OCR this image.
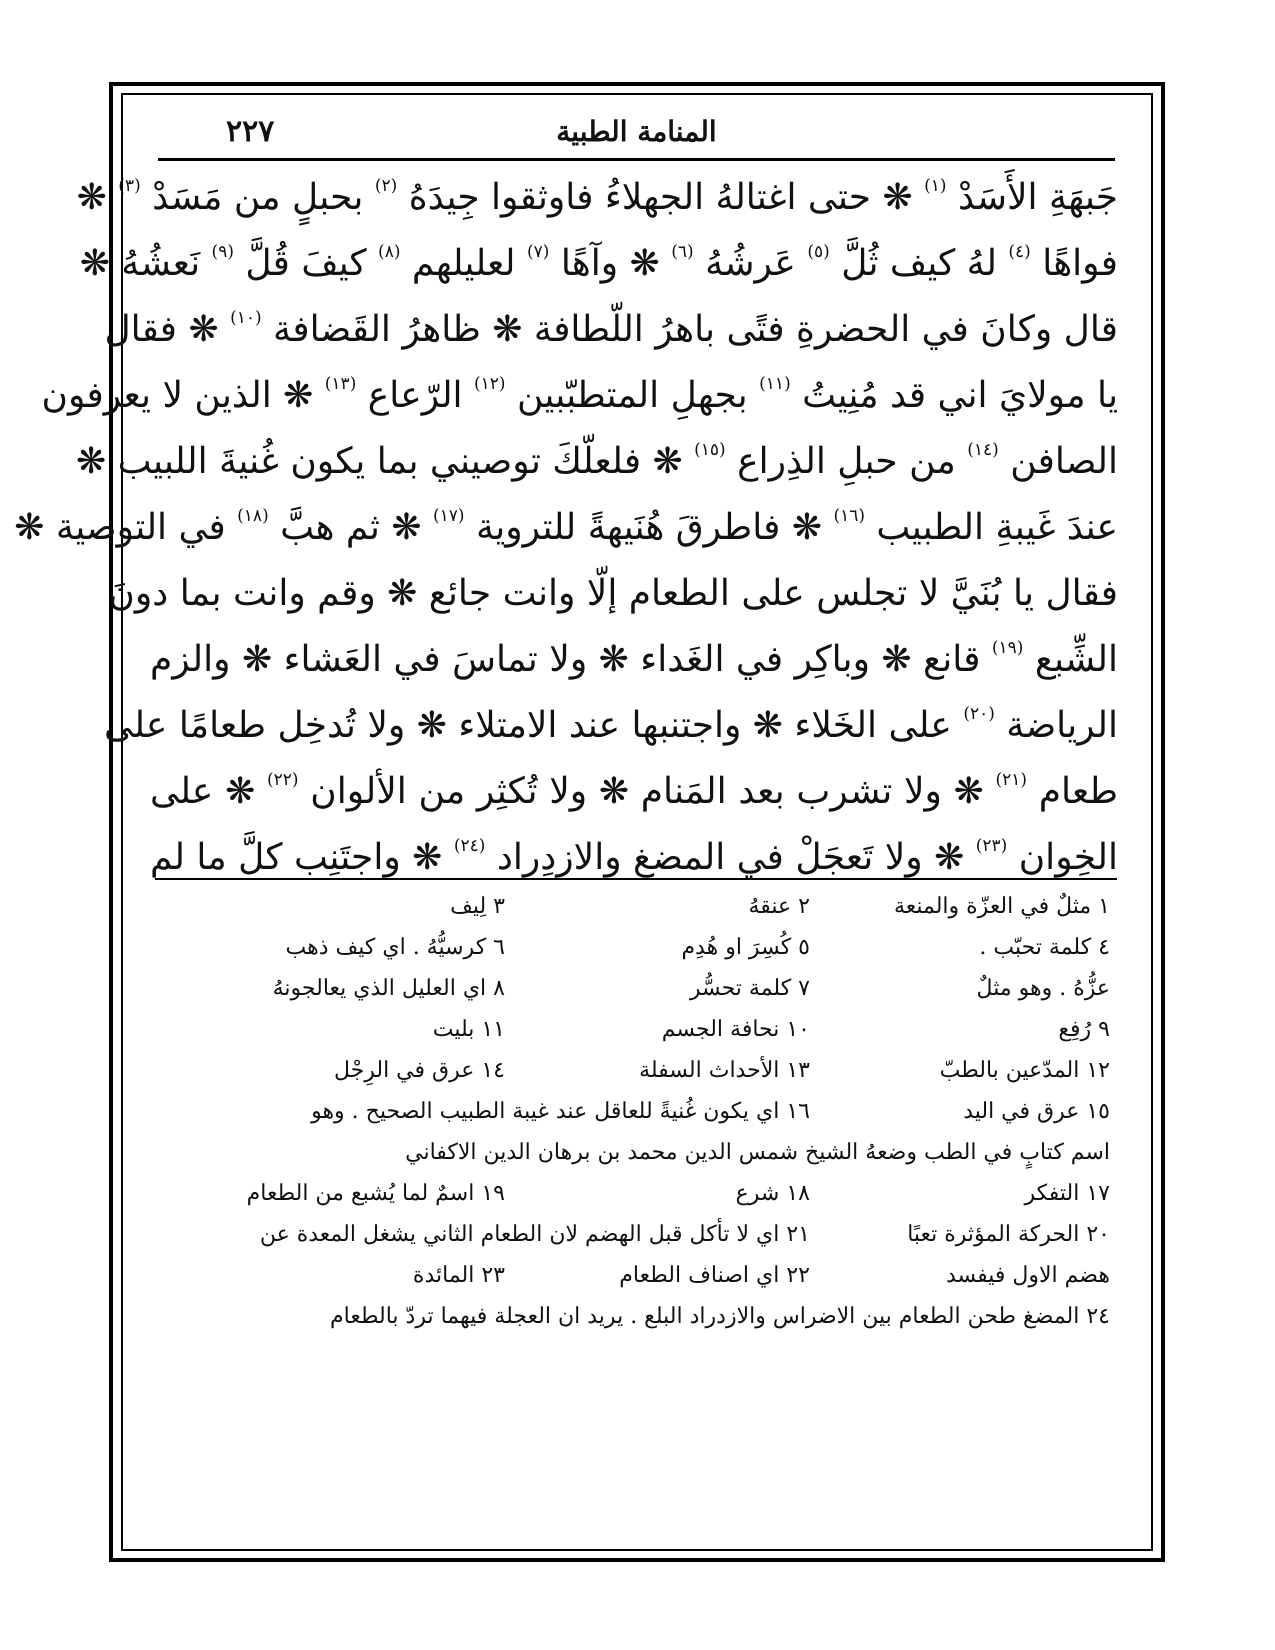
المنامة الطبية
٢٢٧
جَبهَةِ الأَسَدْ $^{(١)}$ ❋ حتى اغتالهُ الجهلاءُ فاوثقوا جِيدَهُ $^{(٢)}$ بحبلٍ من مَسَدْ $^{(٣)}$ ❋
فواهًا $^{(٤)}$ لهُ كيف ثُلَّ $^{(٥)}$ عَرشُهُ $^{(٦)}$ ❋ وآهًا $^{(٧)}$ لعليلهم $^{(٨)}$ كيفَ قُلَّ $^{(٩)}$ نَعشُهُ ❋
قال وكانَ في الحضرةِ فتًى باهرُ اللّطافة ❋ ظاهرُ القَضافة $^{(١٠)}$ ❋ فقال
يا مولايَ اني قد مُنِيتُ $^{(١١)}$ بجهلِ المتطبّبين $^{(١٢)}$ الرّعاع $^{(١٣)}$ ❋ الذين لا يعرفون
الصافن $^{(١٤)}$ من حبلِ الذِراع $^{(١٥)}$ ❋ فلعلّكَ توصيني بما يكون غُنيةَ اللبيب ❋
عندَ غَيبةِ الطبيب $^{(١٦)}$ ❋ فاطرقَ هُنَيهةً للتروية $^{(١٧)}$ ❋ ثم هبَّ $^{(١٨)}$ في التوصية ❋
فقال يا بُنَيَّ لا تجلس على الطعام إلّا وانت جائع ❋ وقم وانت بما دونَ
الشِّبع $^{(١٩)}$ قانع ❋ وباكِر في الغَداء ❋ ولا تماسَ في العَشاء ❋ والزم
الرياضة $^{(٢٠)}$ على الخَلاء ❋ واجتنبها عند الامتلاء ❋ ولا تُدخِل طعامًا على
طعام $^{(٢١)}$ ❋ ولا تشرب بعد المَنام ❋ ولا تُكثِر من الألوان $^{(٢٢)}$ ❋ على
الخِوان $^{(٢٣)}$ ❋ ولا تَعجَلْ في المضغ والازدِراد $^{(٢٤)}$ ❋ واجتَنِب كلَّ ما لم
١ مثلٌ في العزّة والمنعة
٢ عنقهُ
٣ لِيف
٤ كلمة تحبّب .
٥ كُسِرَ او هُدِم
٦ كرسيُّهُ . اي كيف ذهب
عزُّهُ . وهو مثلٌ
٧ كلمة تحسُّر
٨ اي العليل الذي يعالجونهُ
٩ رُفِع
١٠ نحافة الجسم
١١ بليت
١٢ المدّعين بالطبّ
١٣ الأحداث السفلة
١٤ عرق في الرِجْل
١٥ عرق في اليد
١٦ اي يكون غُنيةً للعاقل عند غيبة الطبيب الصحيح . وهو
اسم كتابٍ في الطب وضعهُ الشيخ شمس الدين محمد بن برهان الدين الاكفاني
١٧ التفكر
١٨ شرع
١٩ اسمٌ لما يُشبع من الطعام
٢٠ الحركة المؤثرة تعبًا
٢١ اي لا تأكل قبل الهضم لان الطعام الثاني يشغل المعدة عن
هضم الاول فيفسد
٢٢ اي اصناف الطعام
٢٣ المائدة
٢٤ المضغ طحن الطعام بين الاضراس والازدراد البلع . يريد ان العجلة فيهما تردّ بالطعام
